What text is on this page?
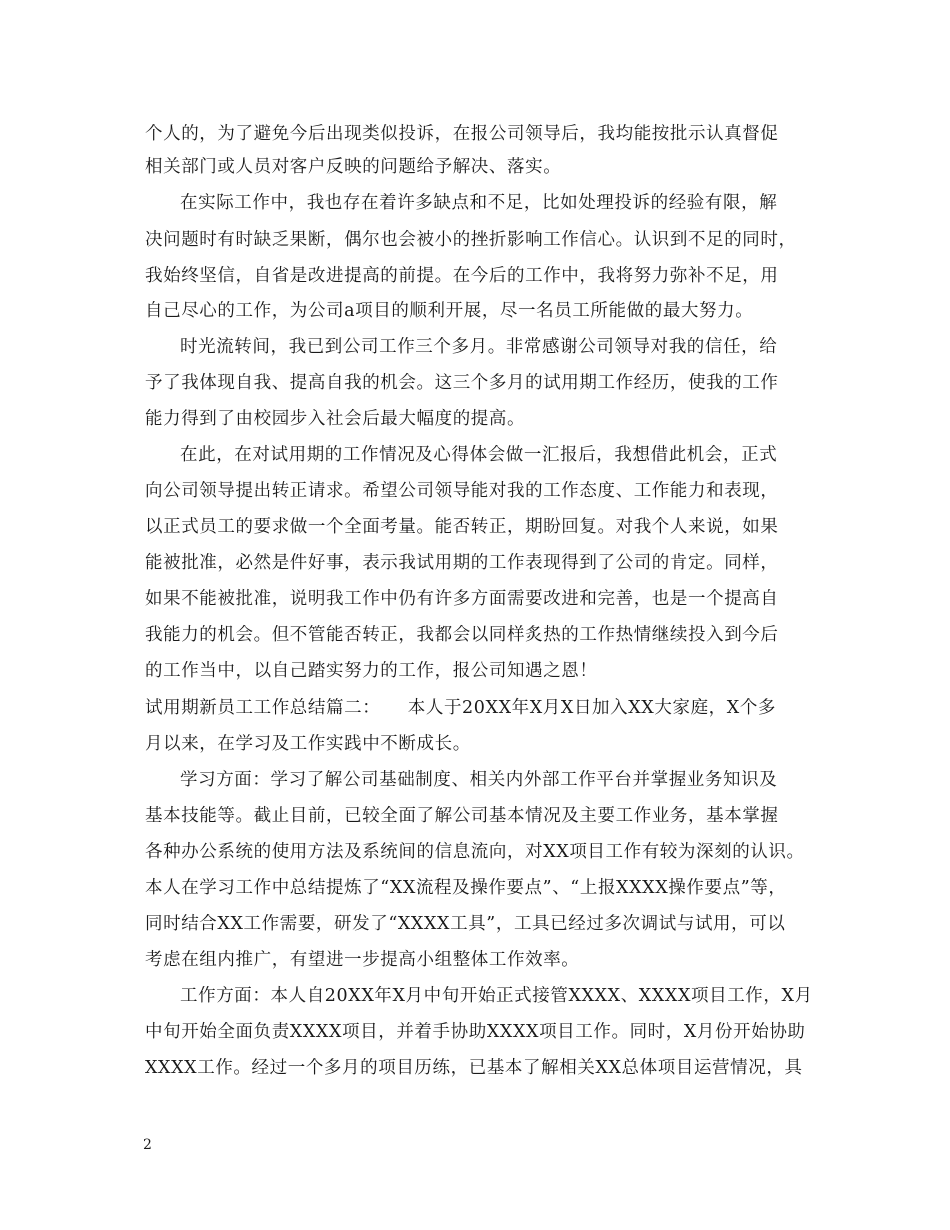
个人的，为了避免今后出现类似投诉，在报公司领导后，我均能按批示认真督促
相关部门或人员对客户反映的问题给予解决、落实。
在实际工作中，我也存在着许多缺点和不足，比如处理投诉的经验有限，解
决问题时有时缺乏果断，偶尔也会被小的挫折影响工作信心。认识到不足的同时，
我始终坚信，自省是改进提高的前提。在今后的工作中，我将努力弥补不足，用
自己尽心的工作，为公司a项目的顺利开展，尽一名员工所能做的最大努力。
时光流转间，我已到公司工作三个多月。非常感谢公司领导对我的信任，给
予了我体现自我、提高自我的机会。这三个多月的试用期工作经历，使我的工作
能力得到了由校园步入社会后最大幅度的提高。
在此，在对试用期的工作情况及心得体会做一汇报后，我想借此机会，正式
向公司领导提出转正请求。希望公司领导能对我的工作态度、工作能力和表现，
以正式员工的要求做一个全面考量。能否转正，期盼回复。对我个人来说，如果
能被批准，必然是件好事，表示我试用期的工作表现得到了公司的肯定。同样，
如果不能被批准，说明我工作中仍有许多方面需要改进和完善，也是一个提高自
我能力的机会。但不管能否转正，我都会以同样炙热的工作热情继续投入到今后
的工作当中，以自己踏实努力的工作，报公司知遇之恩！
试用期新员工工作总结篇二：　　本人于20XX年X月X日加入XX大家庭，X个多
月以来，在学习及工作实践中不断成长。
学习方面：学习了解公司基础制度、相关内外部工作平台并掌握业务知识及
基本技能等。截止目前，已较全面了解公司基本情况及主要工作业务，基本掌握
各种办公系统的使用方法及系统间的信息流向，对XX项目工作有较为深刻的认识。
本人在学习工作中总结提炼了“XX流程及操作要点”、“上报XXXX操作要点”等，
同时结合XX工作需要，研发了“XXXX工具”，工具已经过多次调试与试用，可以
考虑在组内推广，有望进一步提高小组整体工作效率。
工作方面：本人自20XX年X月中旬开始正式接管XXXX、XXXX项目工作，X月
中旬开始全面负责XXXX项目，并着手协助XXXX项目工作。同时，X月份开始协助
XXXX工作。经过一个多月的项目历练，已基本了解相关XX总体项目运营情况，具
2
